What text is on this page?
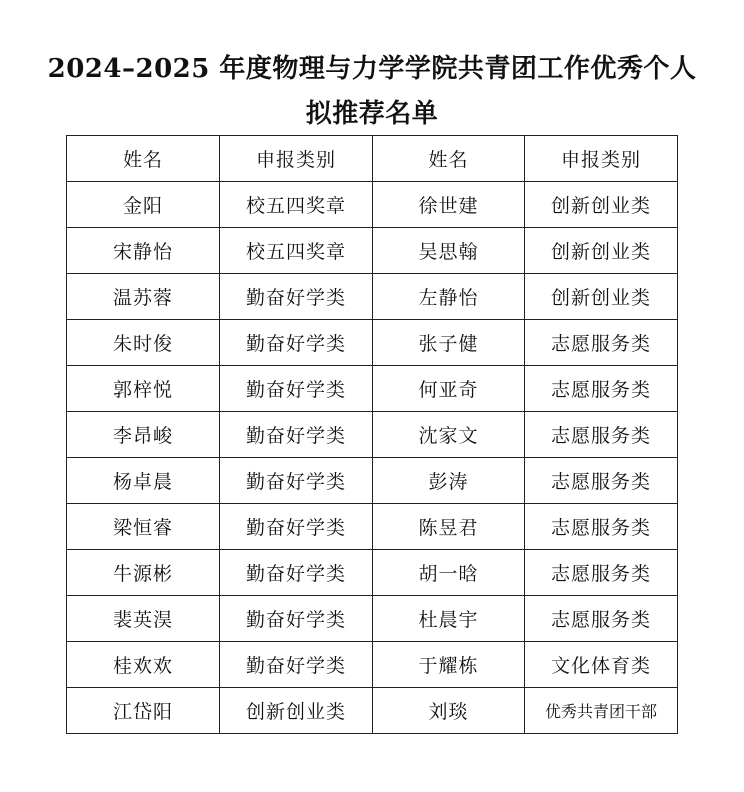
2024–2025 年度物理与力学学院共青团工作优秀个人
拟推荐名单
姓名	申报类别	姓名	申报类别
金阳	校五四奖章	徐世建	创新创业类
宋静怡	校五四奖章	吴思翰	创新创业类
温苏蓉	勤奋好学类	左静怡	创新创业类
朱时俊	勤奋好学类	张子健	志愿服务类
郭梓悦	勤奋好学类	何亚奇	志愿服务类
李昂峻	勤奋好学类	沈家文	志愿服务类
杨卓晨	勤奋好学类	彭涛	志愿服务类
梁恒睿	勤奋好学类	陈昱君	志愿服务类
牛源彬	勤奋好学类	胡一晗	志愿服务类
裴英淏	勤奋好学类	杜晨宇	志愿服务类
桂欢欢	勤奋好学类	于耀栋	文化体育类
江岱阳	创新创业类	刘琰	优秀共青团干部
